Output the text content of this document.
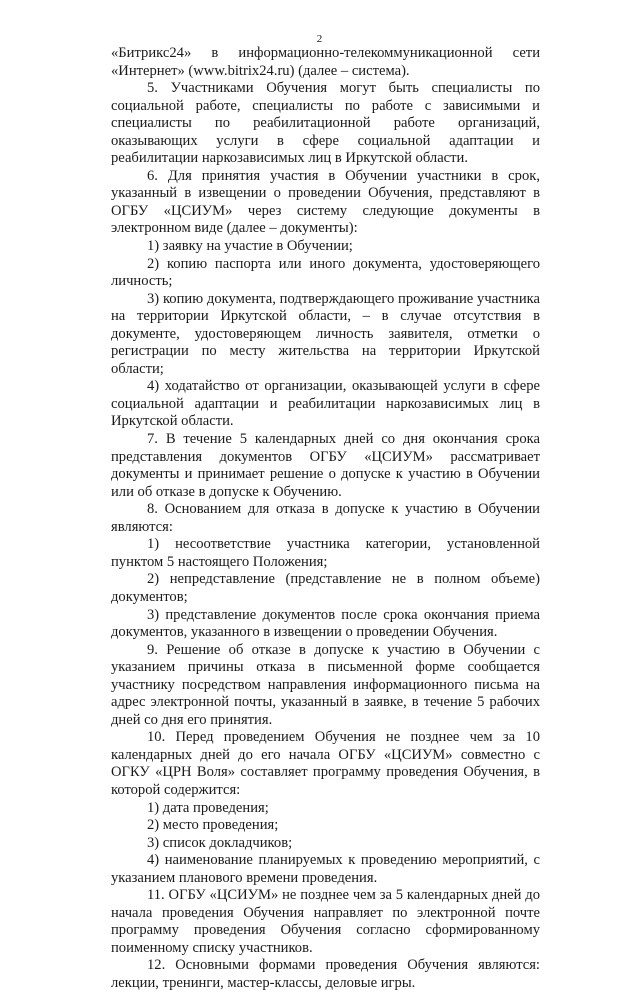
2

«Битрикс24» в информационно-телекоммуникационной сети «Интернет» (www.bitrix24.ru) (далее – система).

5. Участниками Обучения могут быть специалисты по социальной работе, специалисты по работе с зависимыми и специалисты по реабилитационной работе организаций, оказывающих услуги в сфере социальной адаптации и реабилитации наркозависимых лиц в Иркутской области.

6. Для принятия участия в Обучении участники в срок, указанный в извещении о проведении Обучения, представляют в ОГБУ «ЦСИУМ» через систему следующие документы в электронном виде (далее – документы):

1) заявку на участие в Обучении;

2) копию паспорта или иного документа, удостоверяющего личность;

3) копию документа, подтверждающего проживание участника на территории Иркутской области, – в случае отсутствия в документе, удостоверяющем личность заявителя, отметки о регистрации по месту жительства на территории Иркутской области;

4) ходатайство от организации, оказывающей услуги в сфере социальной адаптации и реабилитации наркозависимых лиц в Иркутской области.

7. В течение 5 календарных дней со дня окончания срока представления документов ОГБУ «ЦСИУМ» рассматривает документы и принимает решение о допуске к участию в Обучении или об отказе в допуске к Обучению.

8. Основанием для отказа в допуске к участию в Обучении являются:

1) несоответствие участника категории, установленной пунктом 5 настоящего Положения;

2) непредставление (представление не в полном объеме) документов;

3) представление документов после срока окончания приема документов, указанного в извещении о проведении Обучения.

9. Решение об отказе в допуске к участию в Обучении с указанием причины отказа в письменной форме сообщается участнику посредством направления информационного письма на адрес электронной почты, указанный в заявке, в течение 5 рабочих дней со дня его принятия.

10. Перед проведением Обучения не позднее чем за 10 календарных дней до его начала ОГБУ «ЦСИУМ» совместно с ОГКУ «ЦРН Воля» составляет программу проведения Обучения, в которой содержится:

1) дата проведения;

2) место проведения;

3) список докладчиков;

4) наименование планируемых к проведению мероприятий, с указанием планового времени проведения.

11. ОГБУ «ЦСИУМ» не позднее чем за 5 календарных дней до начала проведения Обучения направляет по электронной почте программу проведения Обучения согласно сформированному поименному списку участников.

12. Основными формами проведения Обучения являются: лекции, тренинги, мастер-классы, деловые игры.
